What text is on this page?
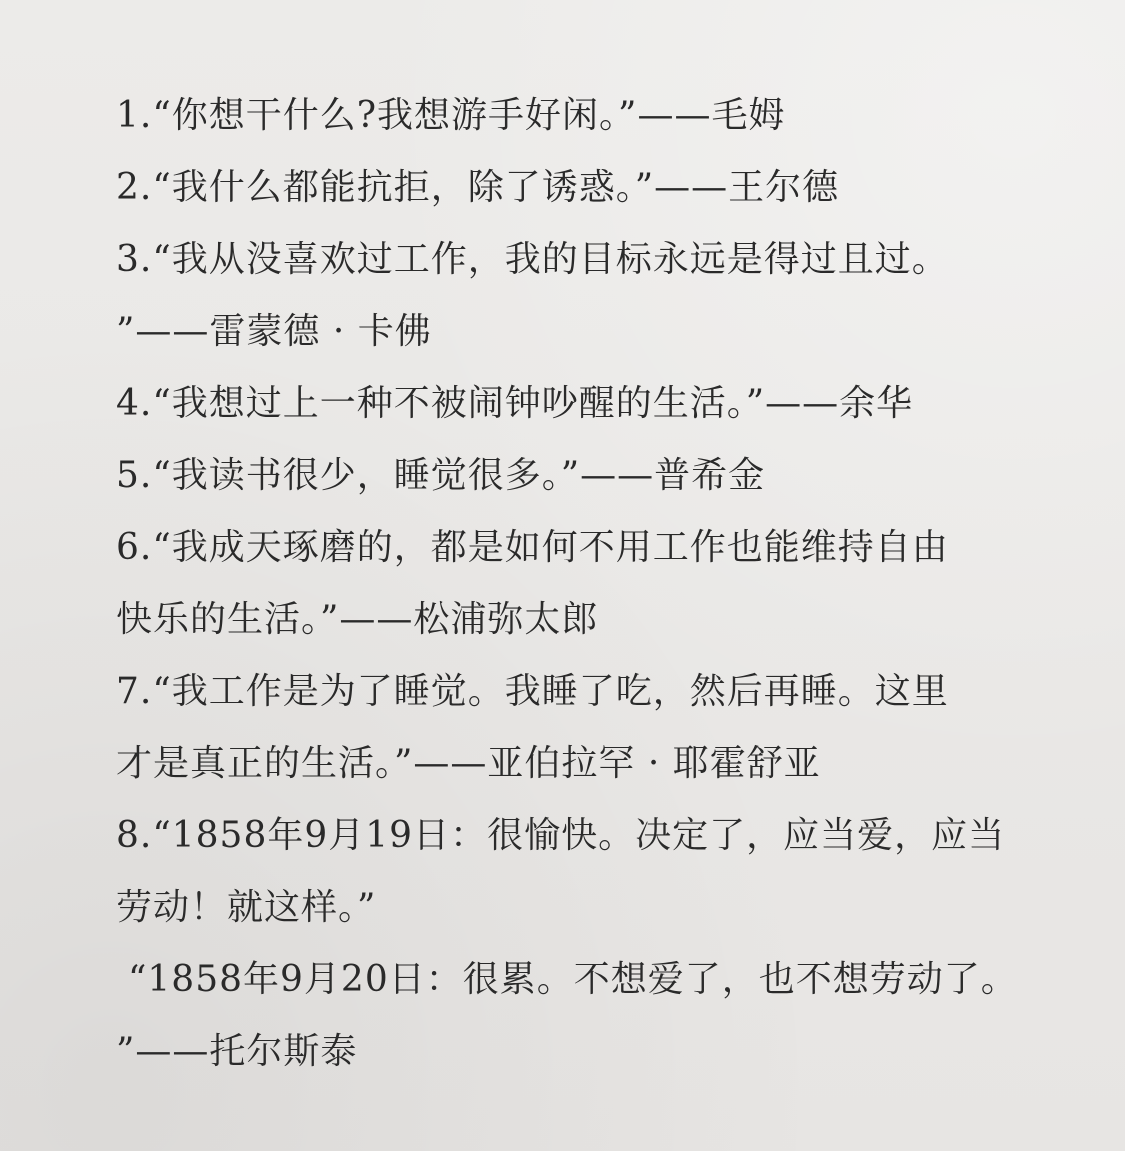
1.“你想干什么?我想游手好闲。”——毛姆
2.“我什么都能抗拒，除了诱惑。”——王尔德
3.“我从没喜欢过工作，我的目标永远是得过且过。
”——雷蒙德 · 卡佛
4.“我想过上一种不被闹钟吵醒的生活。”——余华
5.“我读书很少，睡觉很多。”——普希金
6.“我成天琢磨的，都是如何不用工作也能维持自由
快乐的生活。”——松浦弥太郎
7.“我工作是为了睡觉。我睡了吃，然后再睡。这里
才是真正的生活。”——亚伯拉罕 · 耶霍舒亚
8.“1858年9月19日：很愉快。决定了，应当爱，应当
劳动！就这样。”
“1858年9月20日：很累。不想爱了，也不想劳动了。
”——托尔斯泰
